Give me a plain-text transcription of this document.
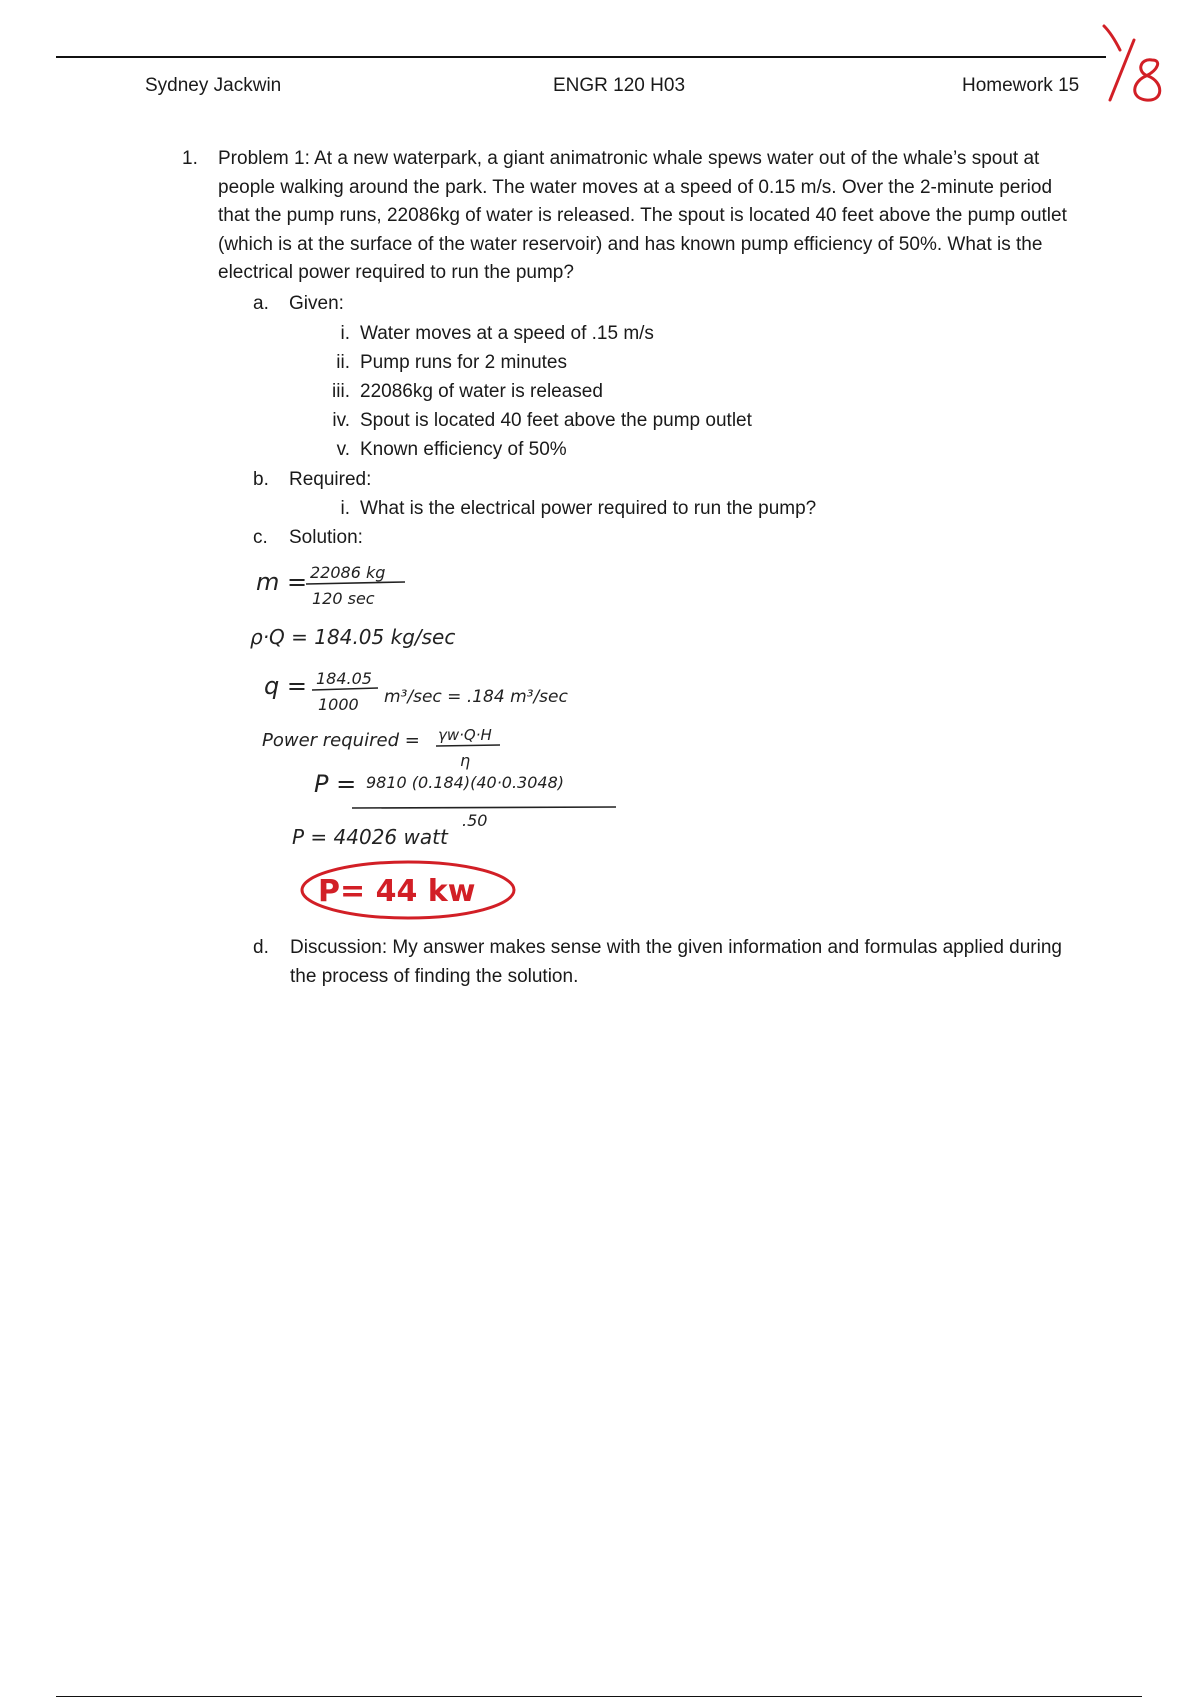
Sydney Jackwin	ENGR 120 H03	Homework 15
1/8
1. Problem 1: At a new waterpark, a giant animatronic whale spews water out of the whale’s spout at people walking around the park. The water moves at a speed of 0.15 m/s. Over the 2-minute period that the pump runs, 22086kg of water is released. The spout is located 40 feet above the pump outlet (which is at the surface of the water reservoir) and has known pump efficiency of 50%. What is the electrical power required to run the pump?
a. Given:
i. Water moves at a speed of .15 m/s
ii. Pump runs for 2 minutes
iii. 22086kg of water is released
iv. Spout is located 40 feet above the pump outlet
v. Known efficiency of 50%
b. Required:
i. What is the electrical power required to run the pump?
c. Solution:
m = 22086 kg
120 sec
ρ·Q = 184.05 kg/sec
q = 184.05
1000 m³/sec = .184 m³/sec
Power required = γw·Q·H
η
P = 9810 (0.184)(40·0.3048)
.50
P = 44026 watt
P= 44 kw
d. Discussion: My answer makes sense with the given information and formulas applied during the process of finding the solution.
